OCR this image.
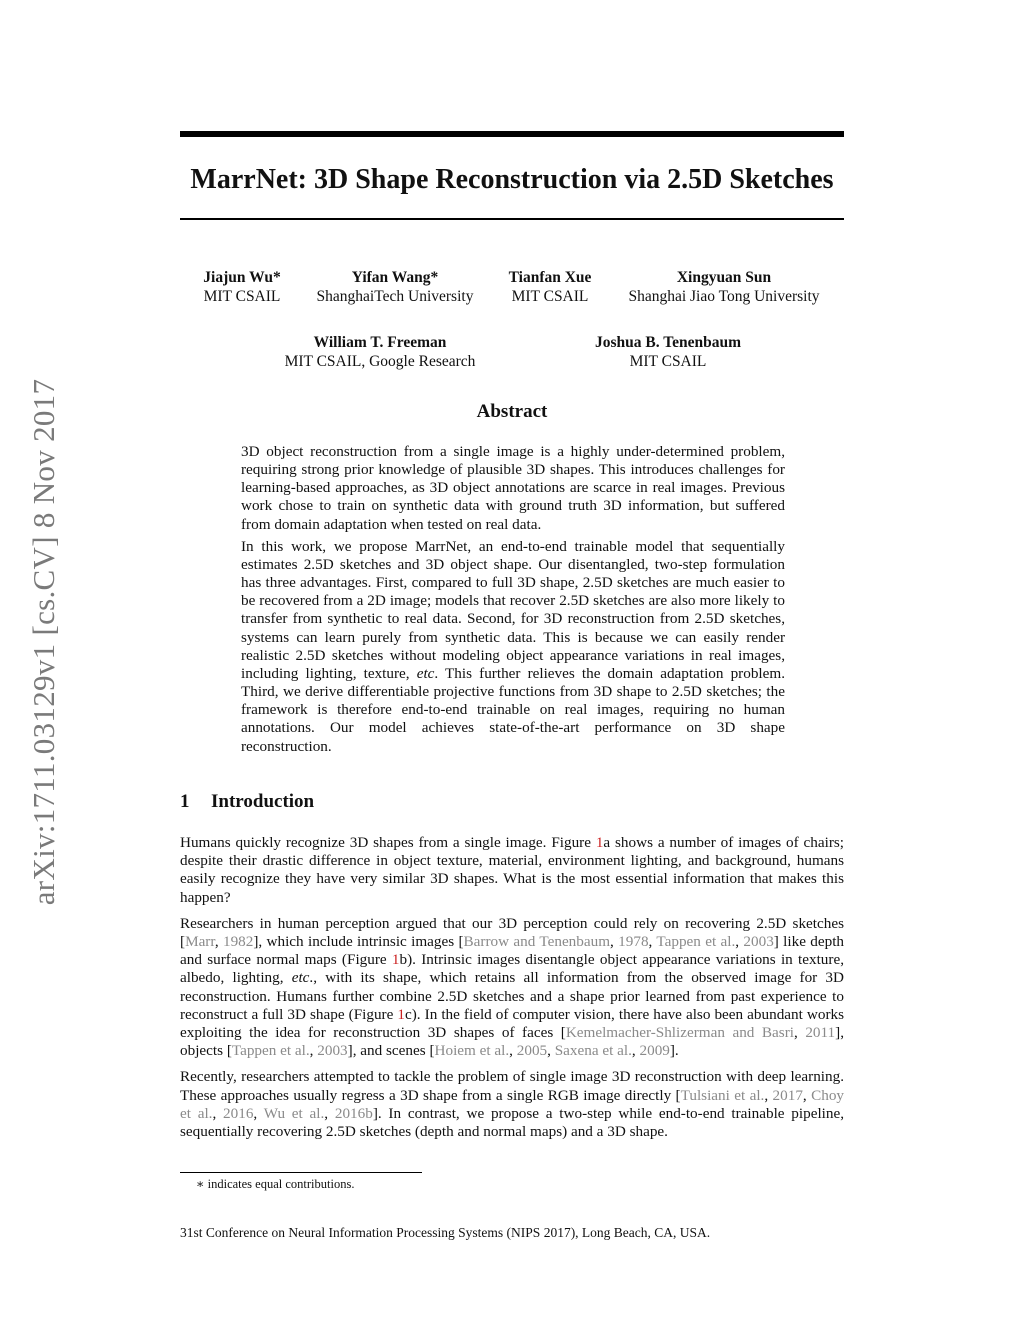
arXiv:1711.03129v1 [cs.CV] 8 Nov 2017
MarrNet: 3D Shape Reconstruction via 2.5D Sketches
Jiajun Wu*
MIT CSAIL
Yifan Wang*
ShanghaiTech University
Tianfan Xue
MIT CSAIL
Xingyuan Sun
Shanghai Jiao Tong University
William T. Freeman
MIT CSAIL, Google Research
Joshua B. Tenenbaum
MIT CSAIL
Abstract

3D object reconstruction from a single image is a highly under-determined problem, requiring strong prior knowledge of plausible 3D shapes. This introduces challenges for learning-based approaches, as 3D object annotations are scarce in real images. Previous work chose to train on synthetic data with ground truth 3D information, but suffered from domain adaptation when tested on real data.

In this work, we propose MarrNet, an end-to-end trainable model that sequentially estimates 2.5D sketches and 3D object shape. Our disentangled, two-step formulation has three advantages. First, compared to full 3D shape, 2.5D sketches are much easier to be recovered from a 2D image; models that recover 2.5D sketches are also more likely to transfer from synthetic to real data. Second, for 3D reconstruction from 2.5D sketches, systems can learn purely from synthetic data. This is because we can easily render realistic 2.5D sketches without modeling object appearance variations in real images, including lighting, texture, etc. This further relieves the domain adaptation problem. Third, we derive differentiable projective functions from 3D shape to 2.5D sketches; the framework is therefore end-to-end trainable on real images, requiring no human annotations. Our model achieves state-of-the-art performance on 3D shape reconstruction.

1 Introduction

Humans quickly recognize 3D shapes from a single image. Figure 1a shows a number of images of chairs; despite their drastic difference in object texture, material, environment lighting, and background, humans easily recognize they have very similar 3D shapes. What is the most essential information that makes this happen?

Researchers in human perception argued that our 3D perception could rely on recovering 2.5D sketches [Marr, 1982], which include intrinsic images [Barrow and Tenenbaum, 1978, Tappen et al., 2003] like depth and surface normal maps (Figure 1b). Intrinsic images disentangle object appearance variations in texture, albedo, lighting, etc., with its shape, which retains all information from the observed image for 3D reconstruction. Humans further combine 2.5D sketches and a shape prior learned from past experience to reconstruct a full 3D shape (Figure 1c). In the field of computer vision, there have also been abundant works exploiting the idea for reconstruction 3D shapes of faces [Kemelmacher-Shlizerman and Basri, 2011], objects [Tappen et al., 2003], and scenes [Hoiem et al., 2005, Saxena et al., 2009].

Recently, researchers attempted to tackle the problem of single image 3D reconstruction with deep learning. These approaches usually regress a 3D shape from a single RGB image directly [Tulsiani et al., 2017, Choy et al., 2016, Wu et al., 2016b]. In contrast, we propose a two-step while end-to-end trainable pipeline, sequentially recovering 2.5D sketches (depth and normal maps) and a 3D shape.

∗ indicates equal contributions.
31st Conference on Neural Information Processing Systems (NIPS 2017), Long Beach, CA, USA.
